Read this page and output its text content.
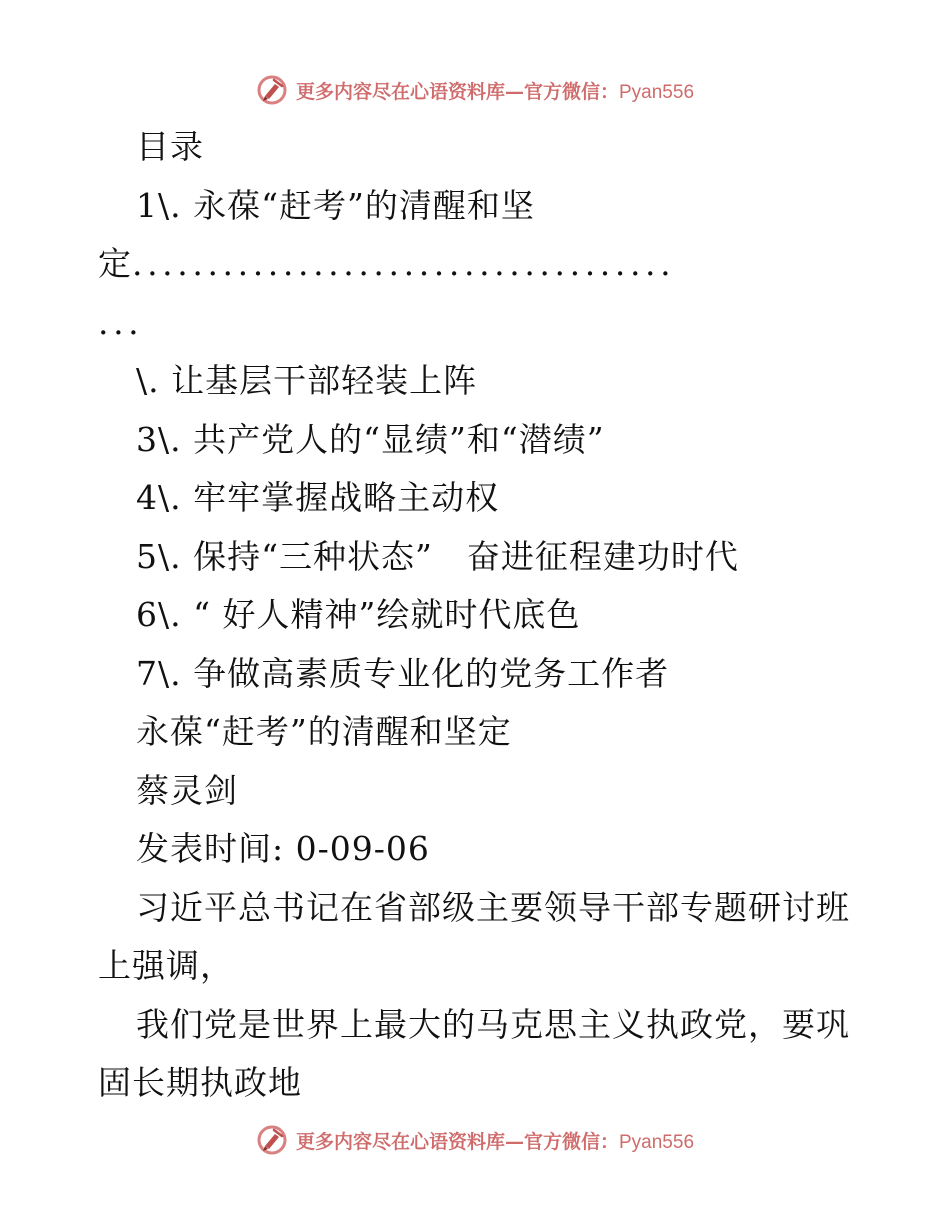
更多内容尽在心语资料库—官方微信：Pyan556
目录
1\. 永葆“赶考”的清醒和坚
定....................................
...
\. 让基层干部轻装上阵
3\. 共产党人的“显绩”和“潜绩”
4\. 牢牢掌握战略主动权
5\. 保持“三种状态”　奋进征程建功时代
6\. “ 好人精神”绘就时代底色
7\. 争做高素质专业化的党务工作者
永葆“赶考”的清醒和坚定
蔡灵剑
发表时间: 0-09-06
习近平总书记在省部级主要领导干部专题研讨班
上强调，
我们党是世界上最大的马克思主义执政党，要巩
固长期执政地
更多内容尽在心语资料库—官方微信：Pyan556
